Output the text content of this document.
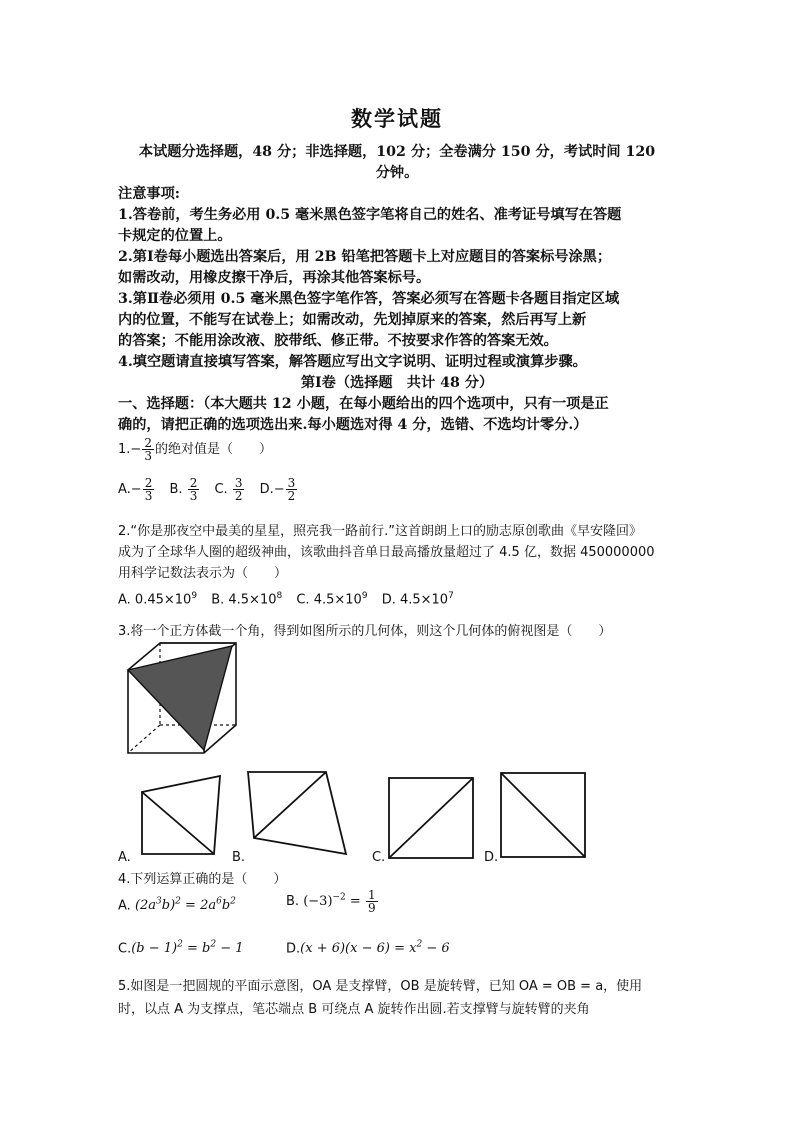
数学试题
本试题分选择题，48 分；非选择题，102 分；全卷满分 150 分，考试时间 120
分钟。
注意事项:
1.答卷前，考生务必用 0.5 毫米黑色签字笔将自己的姓名、准考证号填写在答题
卡规定的位置上。
2.第Ⅰ卷每小题选出答案后，用 2B 铅笔把答题卡上对应题目的答案标号涂黑；
如需改动，用橡皮擦干净后，再涂其他答案标号。
3.第Ⅱ卷必须用 0.5 毫米黑色签字笔作答，答案必须写在答题卡各题目指定区域
内的位置，不能写在试卷上；如需改动，先划掉原来的答案，然后再写上新
的答案；不能用涂改液、胶带纸、修正带。不按要求作答的答案无效。
4.填空题请直接填写答案，解答题应写出文字说明、证明过程或演算步骤。
第Ⅰ卷（选择题　共计 48 分）
一、选择题：（本大题共 12 小题，在每小题给出的四个选项中，只有一项是正
确的，请把正确的选项选出来.每小题选对得 4 分，选错、不选均计零分.）
$1.- \frac{2}{3}$ 的绝对值是（　　）
$A.- \frac{2}{3} B$. $\frac{2}{3} C$. $\frac{3}{2} D.- \frac{3}{2}$
2.“你是那夜空中最美的星星，照亮我一路前行.”这首朗朗上口的励志原创歌曲《早安隆回》
成为了全球华人圈的超级神曲，该歌曲抖音单日最高播放量超过了 4.5 亿，数据 450000000
用科学记数法表示为（　　）
A. $0.45\times 10^9$ B. $4.5\times 10^8$ C. $4.5\times 10^9$ D. $4.5\times 10^7$
3.将一个正方体截一个角，得到如图所示的几何体，则这个几何体的俯视图是（　　）
A.	B.	C.	D.
4.下列运算正确的是（　　）
A. $(2a^3b)^2 = 2a^6b^2$	B. $(-3)^{-2} = \frac{1}{9}$
$C.(b - 1)^2 = b^2 - 1$	$D.(x + 6)(x - 6) = x^2 - 6$
5.如图是一把圆规的平面示意图，OA 是支撑臂，OB 是旋转臂，已知 OA = OB = a，使用
时，以点 A 为支撑点，笔芯端点 B 可绕点 A 旋转作出圆.若支撑臂与旋转臂的夹角
